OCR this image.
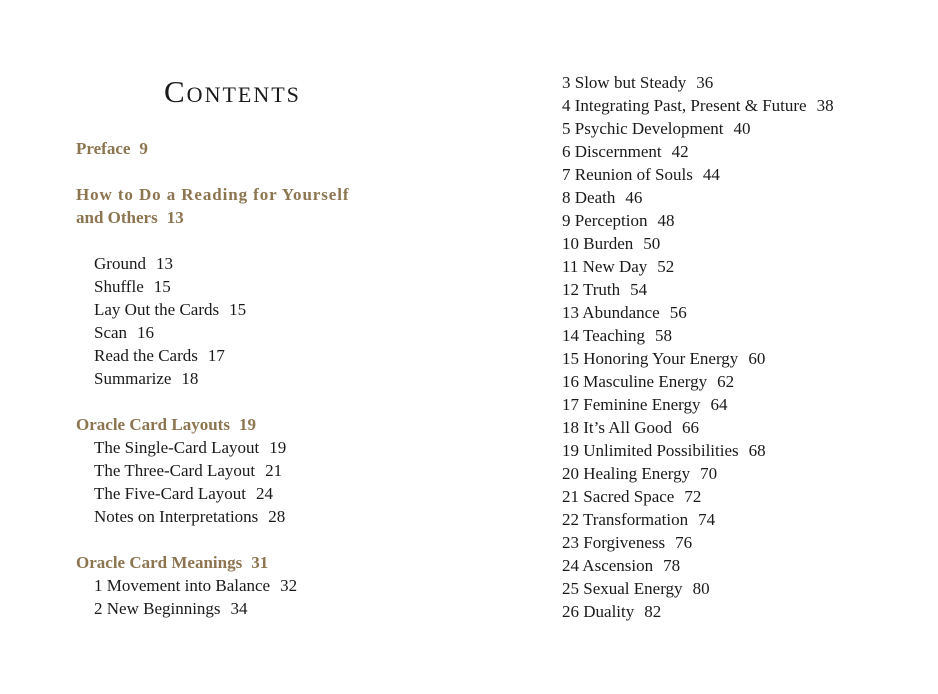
Contents
Preface 9
How to Do a Reading for Yourself
and Others 13
Ground 13
Shuffle 15
Lay Out the Cards 15
Scan 16
Read the Cards 17
Summarize 18
Oracle Card Layouts 19
The Single-Card Layout 19
The Three-Card Layout 21
The Five-Card Layout 24
Notes on Interpretations 28
Oracle Card Meanings 31
1 Movement into Balance 32
2 New Beginnings 34
3 Slow but Steady 36
4 Integrating Past, Present & Future 38
5 Psychic Development 40
6 Discernment 42
7 Reunion of Souls 44
8 Death 46
9 Perception 48
10 Burden 50
11 New Day 52
12 Truth 54
13 Abundance 56
14 Teaching 58
15 Honoring Your Energy 60
16 Masculine Energy 62
17 Feminine Energy 64
18 It’s All Good 66
19 Unlimited Possibilities 68
20 Healing Energy 70
21 Sacred Space 72
22 Transformation 74
23 Forgiveness 76
24 Ascension 78
25 Sexual Energy 80
26 Duality 82
